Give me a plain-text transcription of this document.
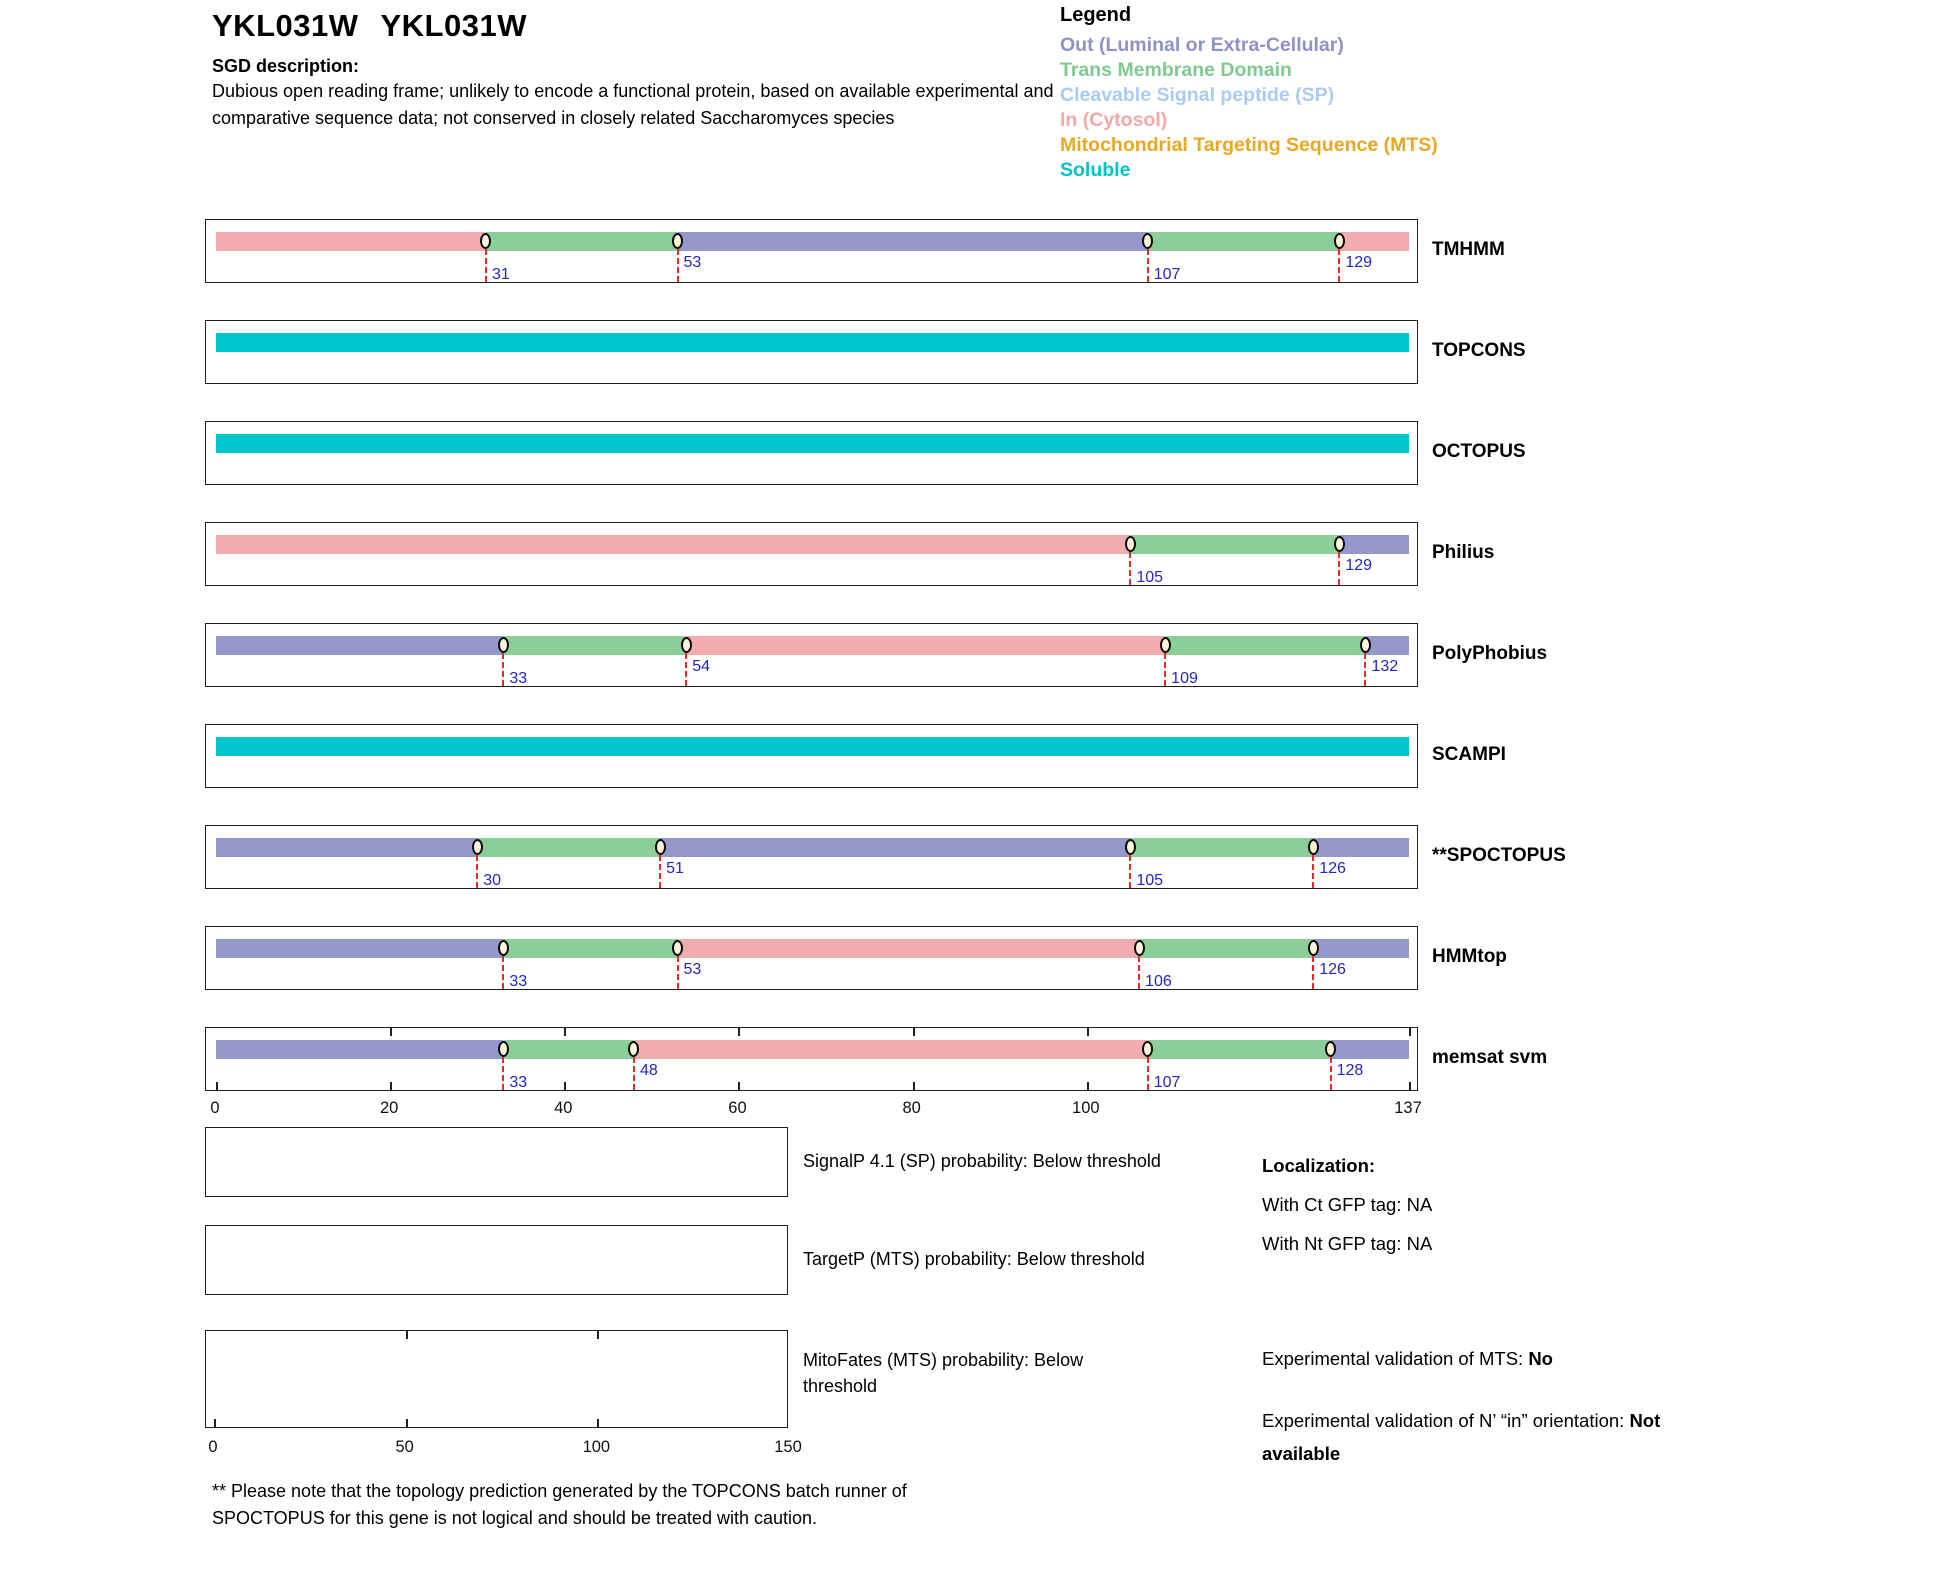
YKL031W YKL031W
SGD description:
Dubious open reading frame; unlikely to encode a functional protein, based on available experimental and
comparative sequence data; not conserved in closely related Saccharomyces species
Legend
Out (Luminal or Extra-Cellular)
Trans Membrane Domain
Cleavable Signal peptide (SP)
In (Cytosol)
Mitochondrial Targeting Sequence (MTS)
Soluble
31
53
107
129
TMHMM
TOPCONS
OCTOPUS
105
129
Philius
33
54
109
132
PolyPhobius
SCAMPI
30
51
105
126
**SPOCTOPUS
33
53
106
126
HMMtop
33
48
107
128
memsat svm
0	20	40	60	80	100	137
SignalP 4.1 (SP) probability: Below threshold
TargetP (MTS) probability: Below threshold
MitoFates (MTS) probability: Below threshold
0	50	100	150
Localization:
With Ct GFP tag: NA
With Nt GFP tag: NA
Experimental validation of MTS: No
Experimental validation of N’ “in” orientation: Not available
** Please note that the topology prediction generated by the TOPCONS batch runner of
SPOCTOPUS for this gene is not logical and should be treated with caution.
